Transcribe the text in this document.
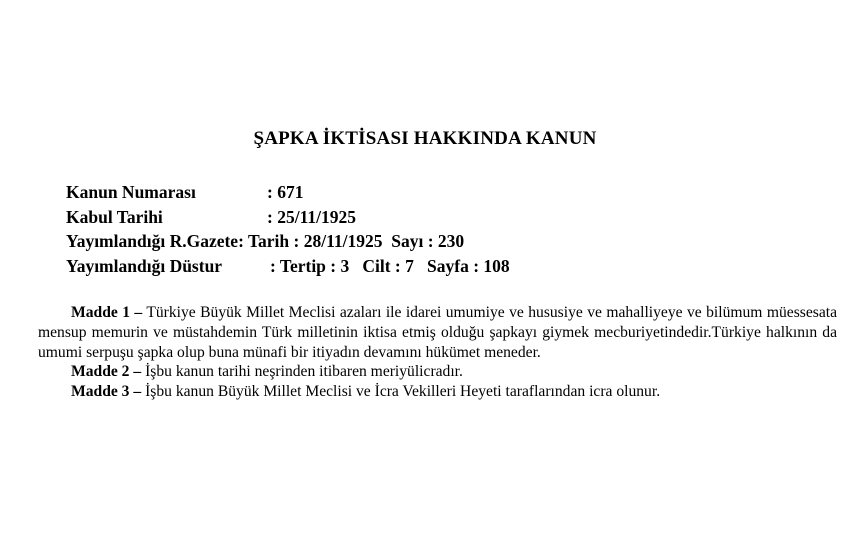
ŞAPKA İKTİSASI HAKKINDA KANUN
Kanun Numarası	: 671
Kabul Tarihi	: 25/11/1925
Yayımlandığı R.Gazete : Tarih : 28/11/1925  Sayı : 230
Yayımlandığı Düstur	: Tertip : 3   Cilt : 7   Sayfa : 108

Madde 1 – Türkiye Büyük Millet Meclisi azaları ile idarei umumiye ve hususiye ve mahalliyeye ve bilümum müessesata mensup memurin ve müstahdemin Türk milletinin iktisa etmiş olduğu şapkayı giymek mecburiyetindedir.Türkiye halkının da umumi serpuşu şapka olup buna münafi bir itiyadın devamını hükümet meneder.

Madde 2 – İşbu kanun tarihi neşrinden itibaren meriyülicradır.

Madde 3 – İşbu kanun Büyük Millet Meclisi ve İcra Vekilleri Heyeti taraflarından icra olunur.
